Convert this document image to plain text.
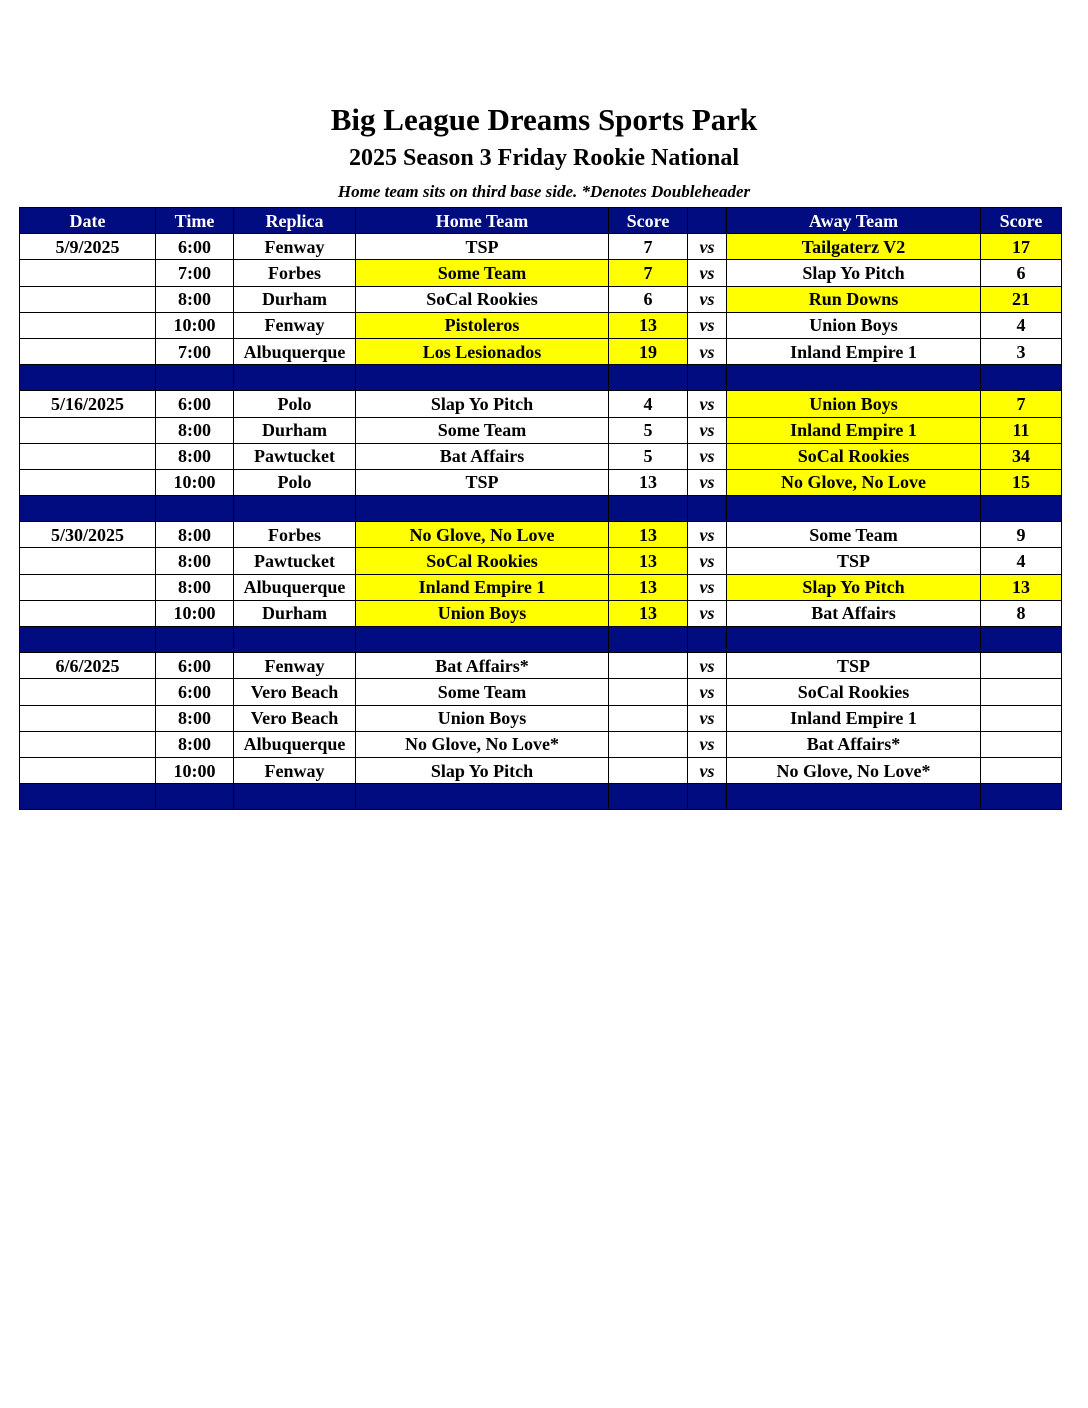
Big League Dreams Sports Park
2025 Season 3 Friday Rookie National
Home team sits on third base side. *Denotes Doubleheader
Date	Time	Replica	Home Team	Score		Away Team	Score
5/9/2025	6:00	Fenway	TSP	7	vs	Tailgaterz V2	17
	7:00	Forbes	Some Team	7	vs	Slap Yo Pitch	6
	8:00	Durham	SoCal Rookies	6	vs	Run Downs	21
	10:00	Fenway	Pistoleros	13	vs	Union Boys	4
	7:00	Albuquerque	Los Lesionados	19	vs	Inland Empire 1	3

5/16/2025	6:00	Polo	Slap Yo Pitch	4	vs	Union Boys	7
	8:00	Durham	Some Team	5	vs	Inland Empire 1	11
	8:00	Pawtucket	Bat Affairs	5	vs	SoCal Rookies	34
	10:00	Polo	TSP	13	vs	No Glove, No Love	15

5/30/2025	8:00	Forbes	No Glove, No Love	13	vs	Some Team	9
	8:00	Pawtucket	SoCal Rookies	13	vs	TSP	4
	8:00	Albuquerque	Inland Empire 1	13	vs	Slap Yo Pitch	13
	10:00	Durham	Union Boys	13	vs	Bat Affairs	8

6/6/2025	6:00	Fenway	Bat Affairs*		vs	TSP	
	6:00	Vero Beach	Some Team		vs	SoCal Rookies	
	8:00	Vero Beach	Union Boys		vs	Inland Empire 1	
	8:00	Albuquerque	No Glove, No Love*		vs	Bat Affairs*	
	10:00	Fenway	Slap Yo Pitch		vs	No Glove, No Love*	
